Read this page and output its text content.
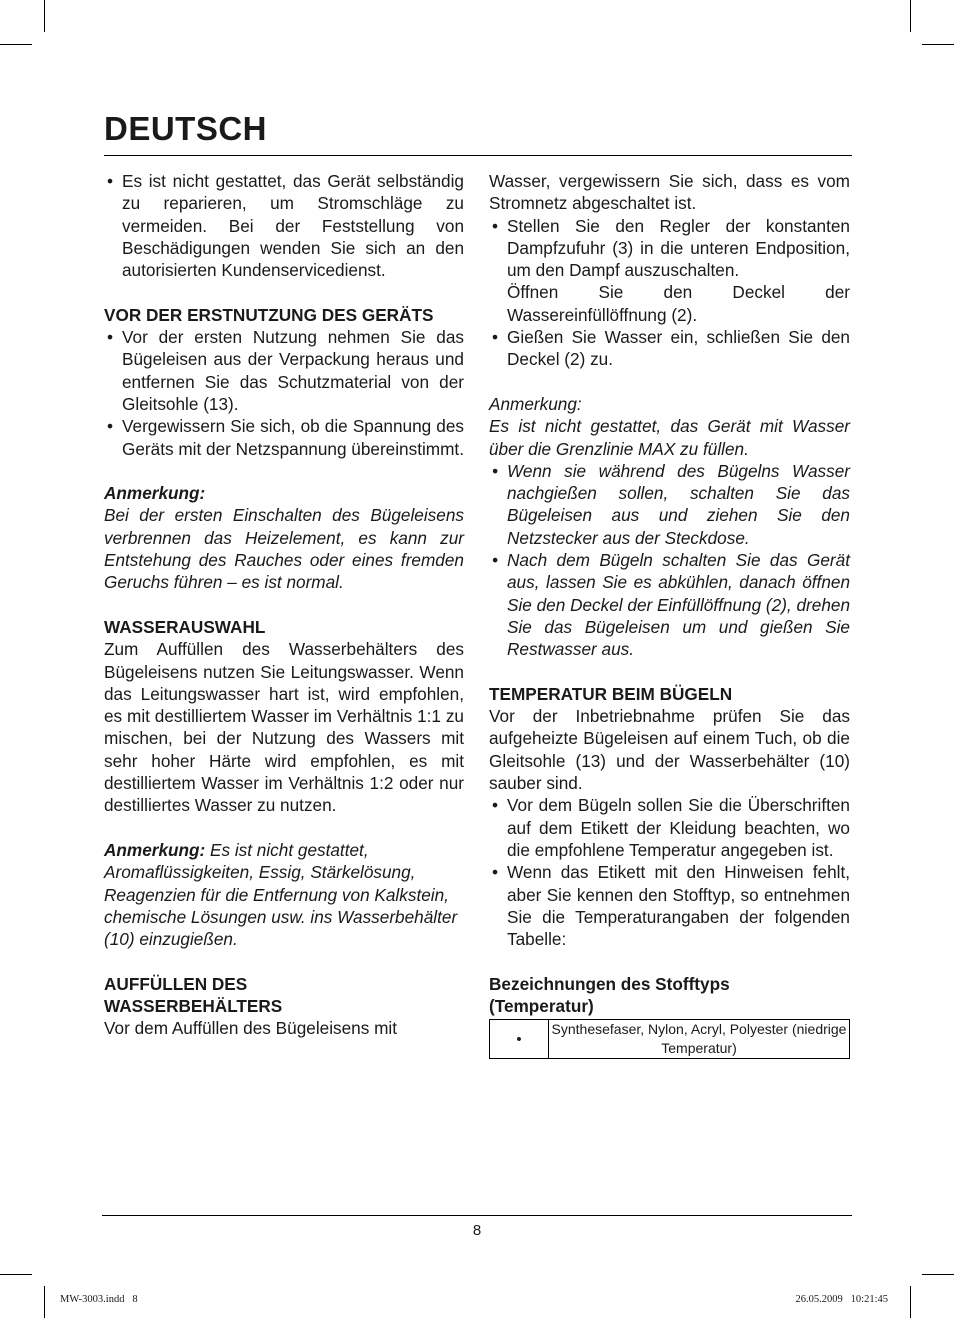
DEUTSCH
• Es ist nicht gestattet, das Gerät selbständig zu reparieren, um Stromschläge zu vermeiden. Bei der Feststellung von Beschädigungen wenden Sie sich an den autorisierten Kundenservicedienst.

VOR DER ERSTNUTZUNG DES GERÄTS

• Vor der ersten Nutzung nehmen Sie das Bügeleisen aus der Verpackung heraus und entfernen Sie das Schutzmaterial von der Gleitsohle (13).
• Vergewissern Sie sich, ob die Spannung des Geräts mit der Netzspannung übereinstimmt.

Anmerkung:

Bei der ersten Einschalten des Bügeleisens verbrennen das Heizelement, es kann zur Entstehung des Rauches oder eines fremden Geruchs führen – es ist normal.

WASSERAUSWAHL

Zum Auffüllen des Wasserbehälters des Bügeleisens nutzen Sie Leitungswasser. Wenn das Leitungswasser hart ist, wird empfohlen, es mit destilliertem Wasser im Verhältnis 1:1 zu mischen, bei der Nutzung des Wassers mit sehr hoher Härte wird empfohlen, es mit destilliertem Wasser im Verhältnis 1:2 oder nur destilliertes Wasser zu nutzen.

Anmerkung: Es ist nicht gestattet, Aromaflüssigkeiten, Essig, Stärkelösung, Reagenzien für die Entfernung von Kalkstein, chemische Lösungen usw. ins Wasserbehälter (10) einzugießen.

AUFFÜLLEN DES
WASSERBEHÄLTERS

Vor dem Auffüllen des Bügeleisens mit

Wasser, vergewissern Sie sich, dass es vom Stromnetz abgeschaltet ist.

• Stellen Sie den Regler der konstanten Dampfzufuhr (3) in die unteren Endposition, um den Dampf auszuschalten.

Öffnen Sie den Deckel der Wassereinfüllöffnung (2).

• Gießen Sie Wasser ein, schließen Sie den Deckel (2) zu.

Anmerkung:

Es ist nicht gestattet, das Gerät mit Wasser über die Grenzlinie MAX zu füllen.

• Wenn sie während des Bügelns Wasser nachgießen sollen, schalten Sie das Bügeleisen aus und ziehen Sie den Netzstecker aus der Steckdose.
• Nach dem Bügeln schalten Sie das Gerät aus, lassen Sie es abkühlen, danach öffnen Sie den Deckel der Einfüllöffnung (2), drehen Sie das Bügeleisen um und gießen Sie Restwasser aus.

TEMPERATUR BEIM BÜGELN

Vor der Inbetriebnahme prüfen Sie das aufgeheizte Bügeleisen auf einem Tuch, ob die Gleitsohle (13) und der Wasserbehälter (10) sauber sind.

• Vor dem Bügeln sollen Sie die Überschriften auf dem Etikett der Kleidung beachten, wo die empfohlene Temperatur angegeben ist.
• Wenn das Etikett mit den Hinweisen fehlt, aber Sie kennen den Stofftyp, so entnehmen Sie die Temperaturangaben der folgenden Tabelle:

Bezeichnungen des Stofftyps
(Temperatur)

•	Synthesefaser, Nylon, Acryl, Polyester (niedrige Temperatur)
8
MW-3003.indd   8	26.05.2009   10:21:45
